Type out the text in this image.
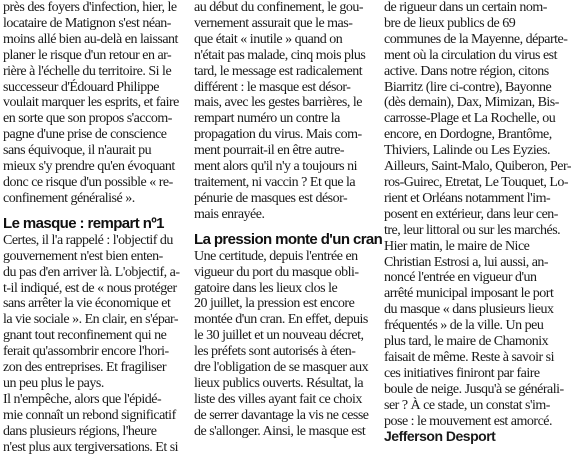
près des foyers d'infection, hier, le
locataire de Matignon s'est néan-
moins allé bien au-delà en laissant
planer le risque d'un retour en ar-
rière à l'échelle du territoire. Si le
successeur d'Édouard Philippe
voulait marquer les esprits, et faire
en sorte que son propos s'accom-
pagne d'une prise de conscience
sans équivoque, il n'aurait pu
mieux s'y prendre qu'en évoquant
donc ce risque d'un possible « re-
confinement généralisé ».
Le masque : rempart nº1
Certes, il l'a rappelé : l'objectif du
gouvernement n'est bien enten-
du pas d'en arriver là. L'objectif, a-
t-il indiqué, est de « nous protéger
sans arrêter la vie économique et
la vie sociale ». En clair, en s'épar-
gnant tout reconfinement qui ne
ferait qu'assombrir encore l'hori-
zon des entreprises. Et fragiliser
un peu plus le pays.
Il n'empêche, alors que l'épidé-
mie connaît un rebond significatif
dans plusieurs régions, l'heure
n'est plus aux tergiversations. Et si
au début du confinement, le gou-
vernement assurait que le mas-
que était « inutile » quand on
n'était pas malade, cinq mois plus
tard, le message est radicalement
différent : le masque est désor-
mais, avec les gestes barrières, le
rempart numéro un contre la
propagation du virus. Mais com-
ment pourrait-il en être autre-
ment alors qu'il n'y a toujours ni
traitement, ni vaccin ? Et que la
pénurie de masques est désor-
mais enrayée.
La pression monte d'un cran
Une certitude, depuis l'entrée en
vigueur du port du masque obli-
gatoire dans les lieux clos le
20 juillet, la pression est encore
montée d'un cran. En effet, depuis
le 30 juillet et un nouveau décret,
les préfets sont autorisés à éten-
dre l'obligation de se masquer aux
lieux publics ouverts. Résultat, la
liste des villes ayant fait ce choix
de serrer davantage la vis ne cesse
de s'allonger. Ainsi, le masque est
de rigueur dans un certain nom-
bre de lieux publics de 69
communes de la Mayenne, départe-
ment où la circulation du virus est
active. Dans notre région, citons
Biarritz (lire ci-contre), Bayonne
(dès demain), Dax, Mimizan, Bis-
carrosse-Plage et La Rochelle, ou
encore, en Dordogne, Brantôme,
Thiviers, Lalinde ou Les Eyzies.
Ailleurs, Saint-Malo, Quiberon, Per-
ros-Guirec, Etretat, Le Touquet, Lo-
rient et Orléans notamment l'im-
posent en extérieur, dans leur cen-
tre, leur littoral ou sur les marchés.
Hier matin, le maire de Nice
Christian Estrosi a, lui aussi, an-
noncé l'entrée en vigueur d'un
arrêté municipal imposant le port
du masque « dans plusieurs lieux
fréquentés » de la ville. Un peu
plus tard, le maire de Chamonix
faisait de même. Reste à savoir si
ces initiatives finiront par faire
boule de neige. Jusqu'à se générali-
ser ? À ce stade, un constat s'im-
pose : le mouvement est amorcé.
Jefferson Desport
